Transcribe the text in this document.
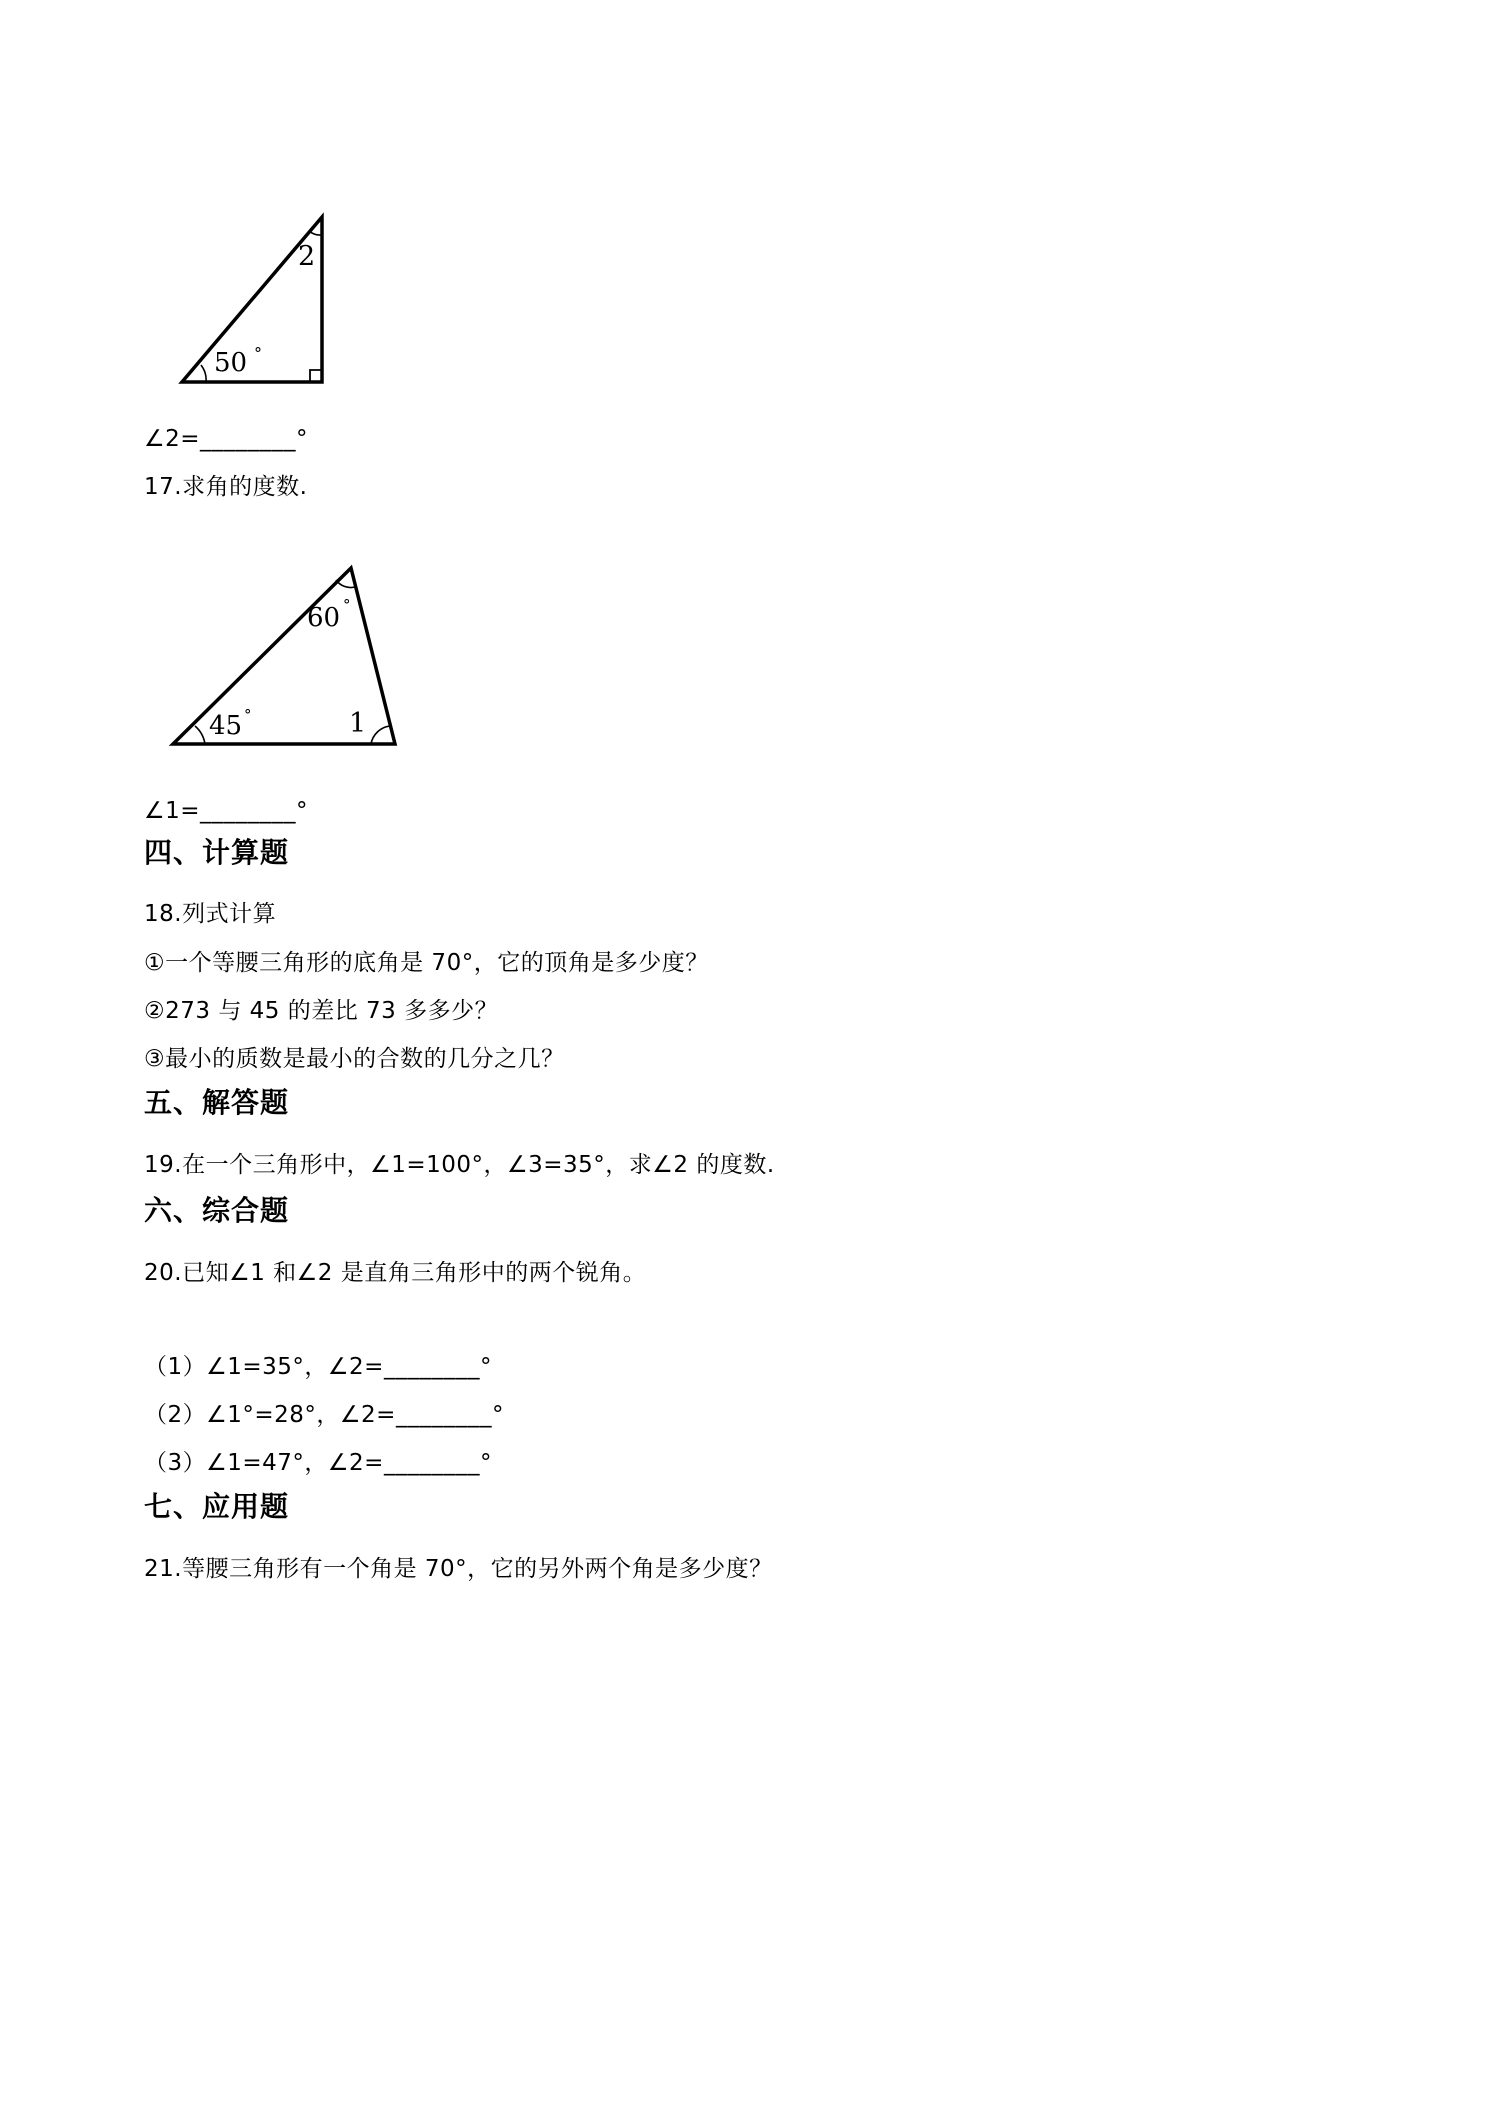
2
50 °
∠2=________°
17.求角的度数.
60 °
45 °	1
∠1=________°
四、计算题
18.列式计算
①一个等腰三角形的底角是 70°，它的顶角是多少度？
②273 与 45 的差比 73 多多少？
③最小的质数是最小的合数的几分之几？
五、解答题
19.在一个三角形中，∠1=100°，∠3=35°，求∠2 的度数.
六、综合题
20.已知∠1 和∠2 是直角三角形中的两个锐角。
（1）∠1=35°，∠2=________°
（2）∠1°=28°，∠2=________°
（3）∠1=47°，∠2=________°
七、应用题
21.等腰三角形有一个角是 70°，它的另外两个角是多少度？
